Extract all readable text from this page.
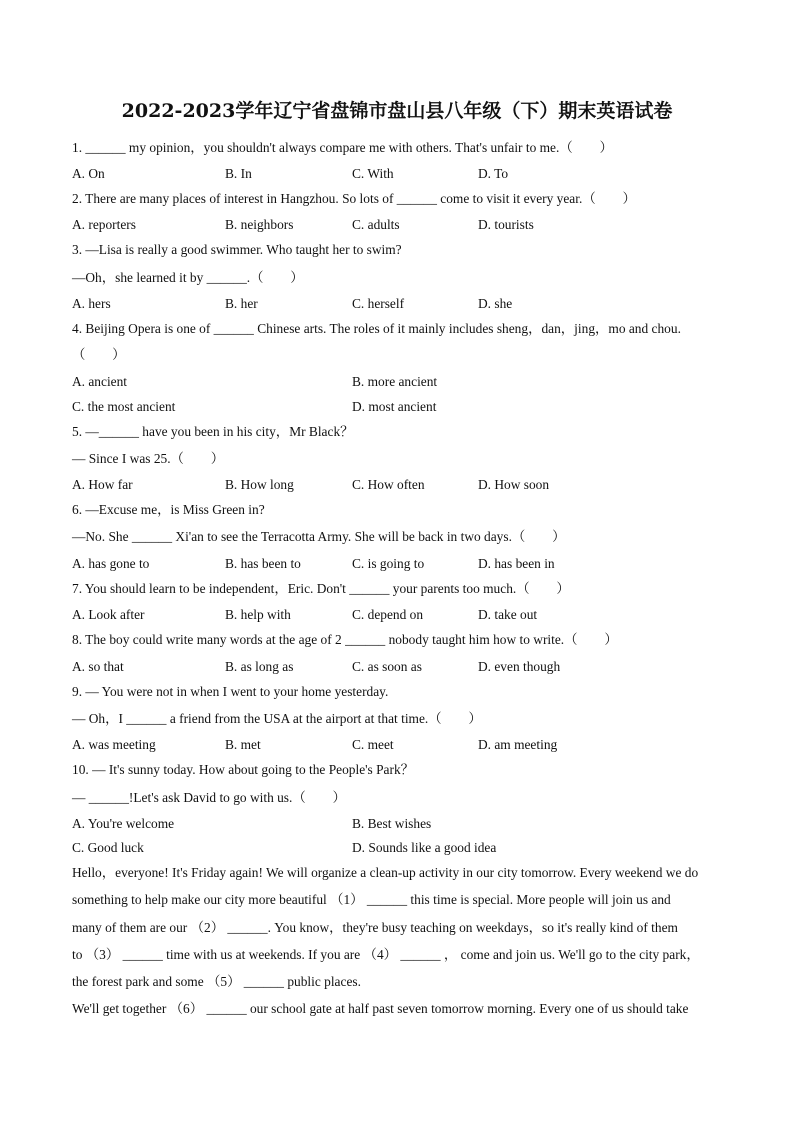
2022-2023学年辽宁省盘锦市盘山县八年级（下）期末英语试卷
1. ______ my opinion，you shouldn't always compare me with others. That's unfair to me.（　　）
A. On	B. In	C. With	D. To
2. There are many places of interest in Hangzhou. So lots of ______ come to visit it every year.（　　）
A. reporters	B. neighbors	C. adults	D. tourists
3. —Lisa is really a good swimmer. Who taught her to swim?
—Oh，she learned it by ______.（　　）
A. hers	B. her	C. herself	D. she
4. Beijing Opera is one of ______ Chinese arts. The roles of it mainly includes sheng，dan，jing，mo and chou.
（　　）
A. ancient	B. more ancient
C. the most ancient	D. most ancient
5. —______ have you been in his city，Mr Black？
— Since I was 25.（　　）
A. How far	B. How long	C. How often	D. How soon
6. —Excuse me，is Miss Green in?
—No. She ______ Xi'an to see the Terracotta Army. She will be back in two days.（　　）
A. has gone to	B. has been to	C. is going to	D. has been in
7. You should learn to be independent，Eric. Don't ______ your parents too much.（　　）
A. Look after	B. help with	C. depend on	D. take out
8. The boy could write many words at the age of 2 ______ nobody taught him how to write.（　　）
A. so that	B. as long as	C. as soon as	D. even though
9. — You were not in when I went to your home yesterday.
— Oh，I ______ a friend from the USA at the airport at that time.（　　）
A. was meeting	B. met	C. meet	D. am meeting
10. — It's sunny today. How about going to the People's Park？
— ______!Let's ask David to go with us.（　　）
A. You're welcome	B. Best wishes
C. Good luck	D. Sounds like a good idea
Hello，everyone! It's Friday again! We will organize a clean-up activity in our city tomorrow. Every weekend we do
something to help make our city more beautiful （1） ______ this time is special. More people will join us and
many of them are our （2） ______. You know，they're busy teaching on weekdays，so it's really kind of them
to （3） ______ time with us at weekends. If you are （4） ______ ， come and join us. We'll go to the city park，
the forest park and some （5） ______ public places.
We'll get together （6） ______ our school gate at half past seven tomorrow morning. Every one of us should take
